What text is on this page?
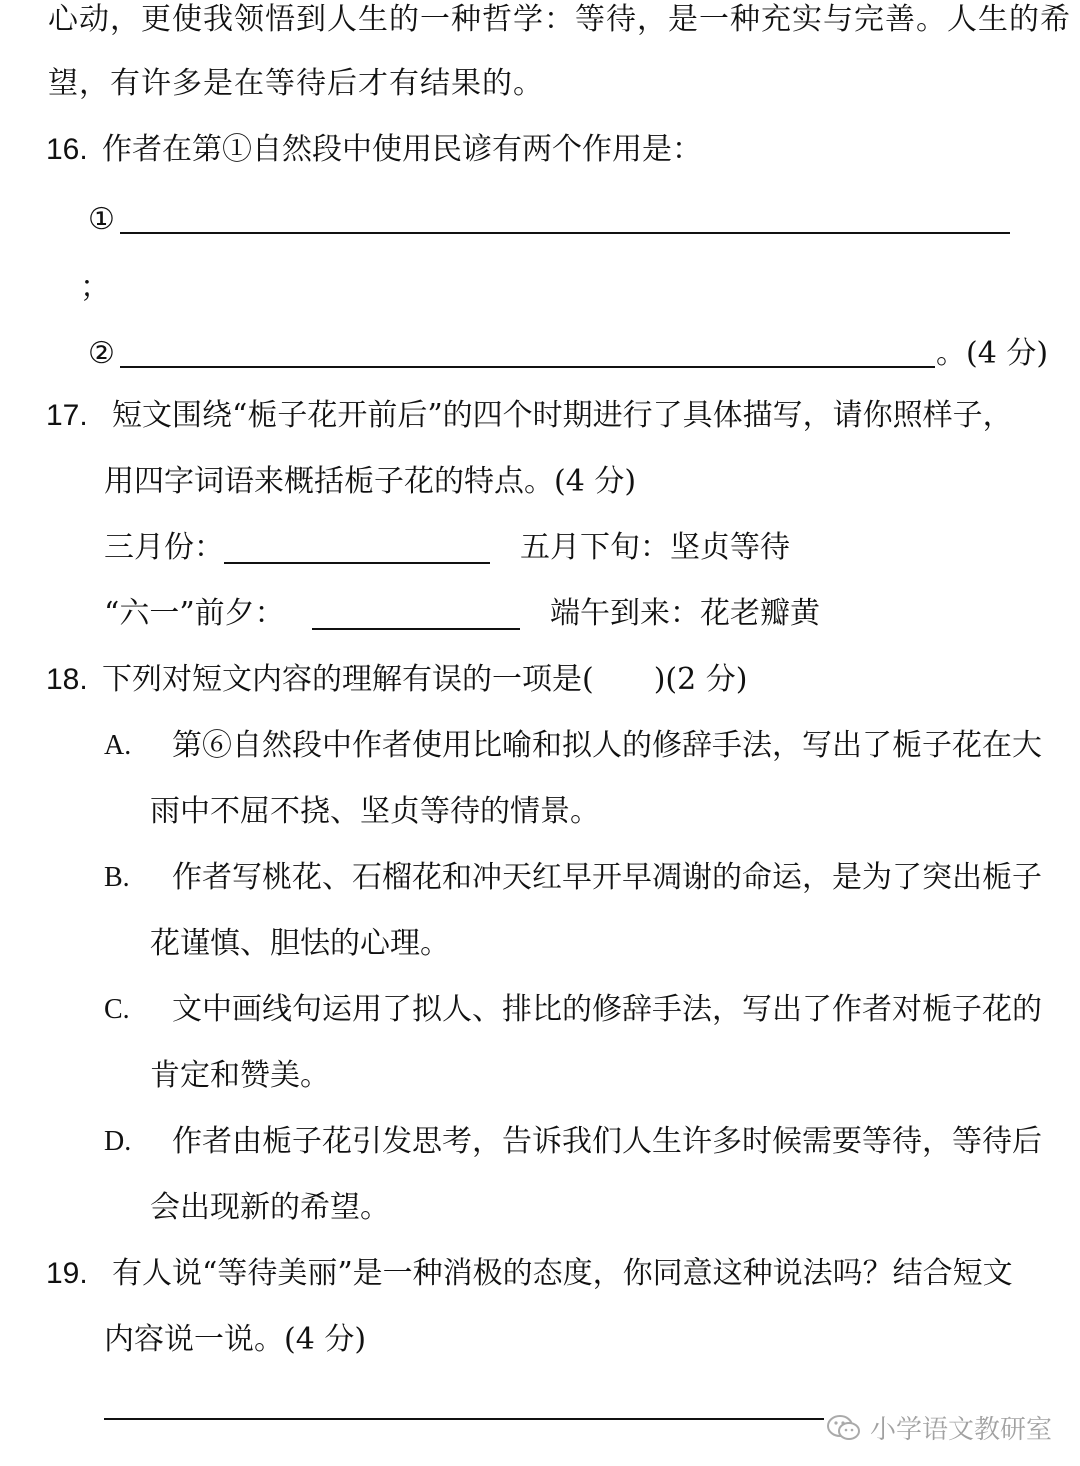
心动，更使我领悟到人生的一种哲学：等待，是一种充实与完善。人生的希
望，有许多是在等待后才有结果的。
16. 作者在第①自然段中使用民谚有两个作用是：
①
；
②	。(4 分)
17. 短文围绕“栀子花开前后”的四个时期进行了具体描写，请你照样子，
用四字词语来概括栀子花的特点。(4 分)
三月份：	五月下旬：坚贞等待
“六一”前夕：	端午到来：花老瓣黄
18. 下列对短文内容的理解有误的一项是(　　)(2 分)
A. 第⑥自然段中作者使用比喻和拟人的修辞手法，写出了栀子花在大
雨中不屈不挠、坚贞等待的情景。
B. 作者写桃花、石榴花和冲天红早开早凋谢的命运，是为了突出栀子
花谨慎、胆怯的心理。
C. 文中画线句运用了拟人、排比的修辞手法，写出了作者对栀子花的
肯定和赞美。
D. 作者由栀子花引发思考，告诉我们人生许多时候需要等待，等待后
会出现新的希望。
19. 有人说“等待美丽”是一种消极的态度，你同意这种说法吗？结合短文
内容说一说。(4 分)
小学语文教研室
